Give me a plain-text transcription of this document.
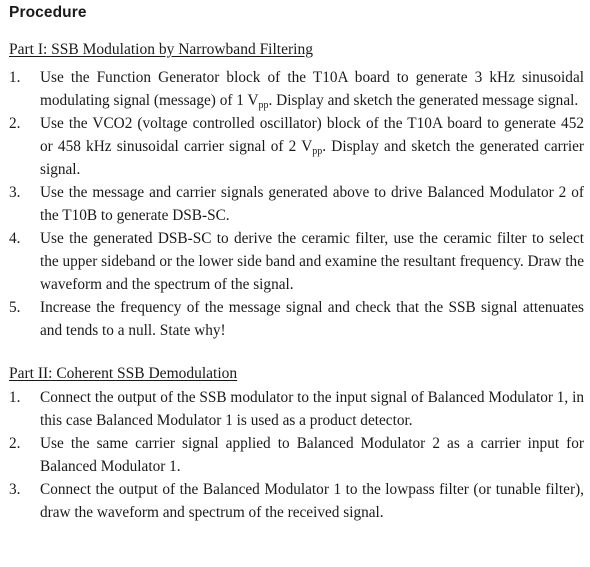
Procedure
Part I: SSB Modulation by Narrowband Filtering
1.	Use the Function Generator block of the T10A board to generate 3 kHz sinusoidal modulating signal (message) of 1 $V_{pp}$. Display and sketch the generated message signal.
2.	Use the VCO2 (voltage controlled oscillator) block of the T10A board to generate 452 or 458 kHz sinusoidal carrier signal of 2 $V_{pp}$. Display and sketch the generated carrier signal.
3.	Use the message and carrier signals generated above to drive Balanced Modulator 2 of the T10B to generate DSB-SC.
4.	Use the generated DSB-SC to derive the ceramic filter, use the ceramic filter to select the upper sideband or the lower side band and examine the resultant frequency. Draw the waveform and the spectrum of the signal.
5.	Increase the frequency of the message signal and check that the SSB signal attenuates and tends to a null. State why!
Part II: Coherent SSB Demodulation
1.	Connect the output of the SSB modulator to the input signal of Balanced Modulator 1, in this case Balanced Modulator 1 is used as a product detector.
2.	Use the same carrier signal applied to Balanced Modulator 2 as a carrier input for Balanced Modulator 1.
3.	Connect the output of the Balanced Modulator 1 to the lowpass filter (or tunable filter), draw the waveform and spectrum of the received signal.
